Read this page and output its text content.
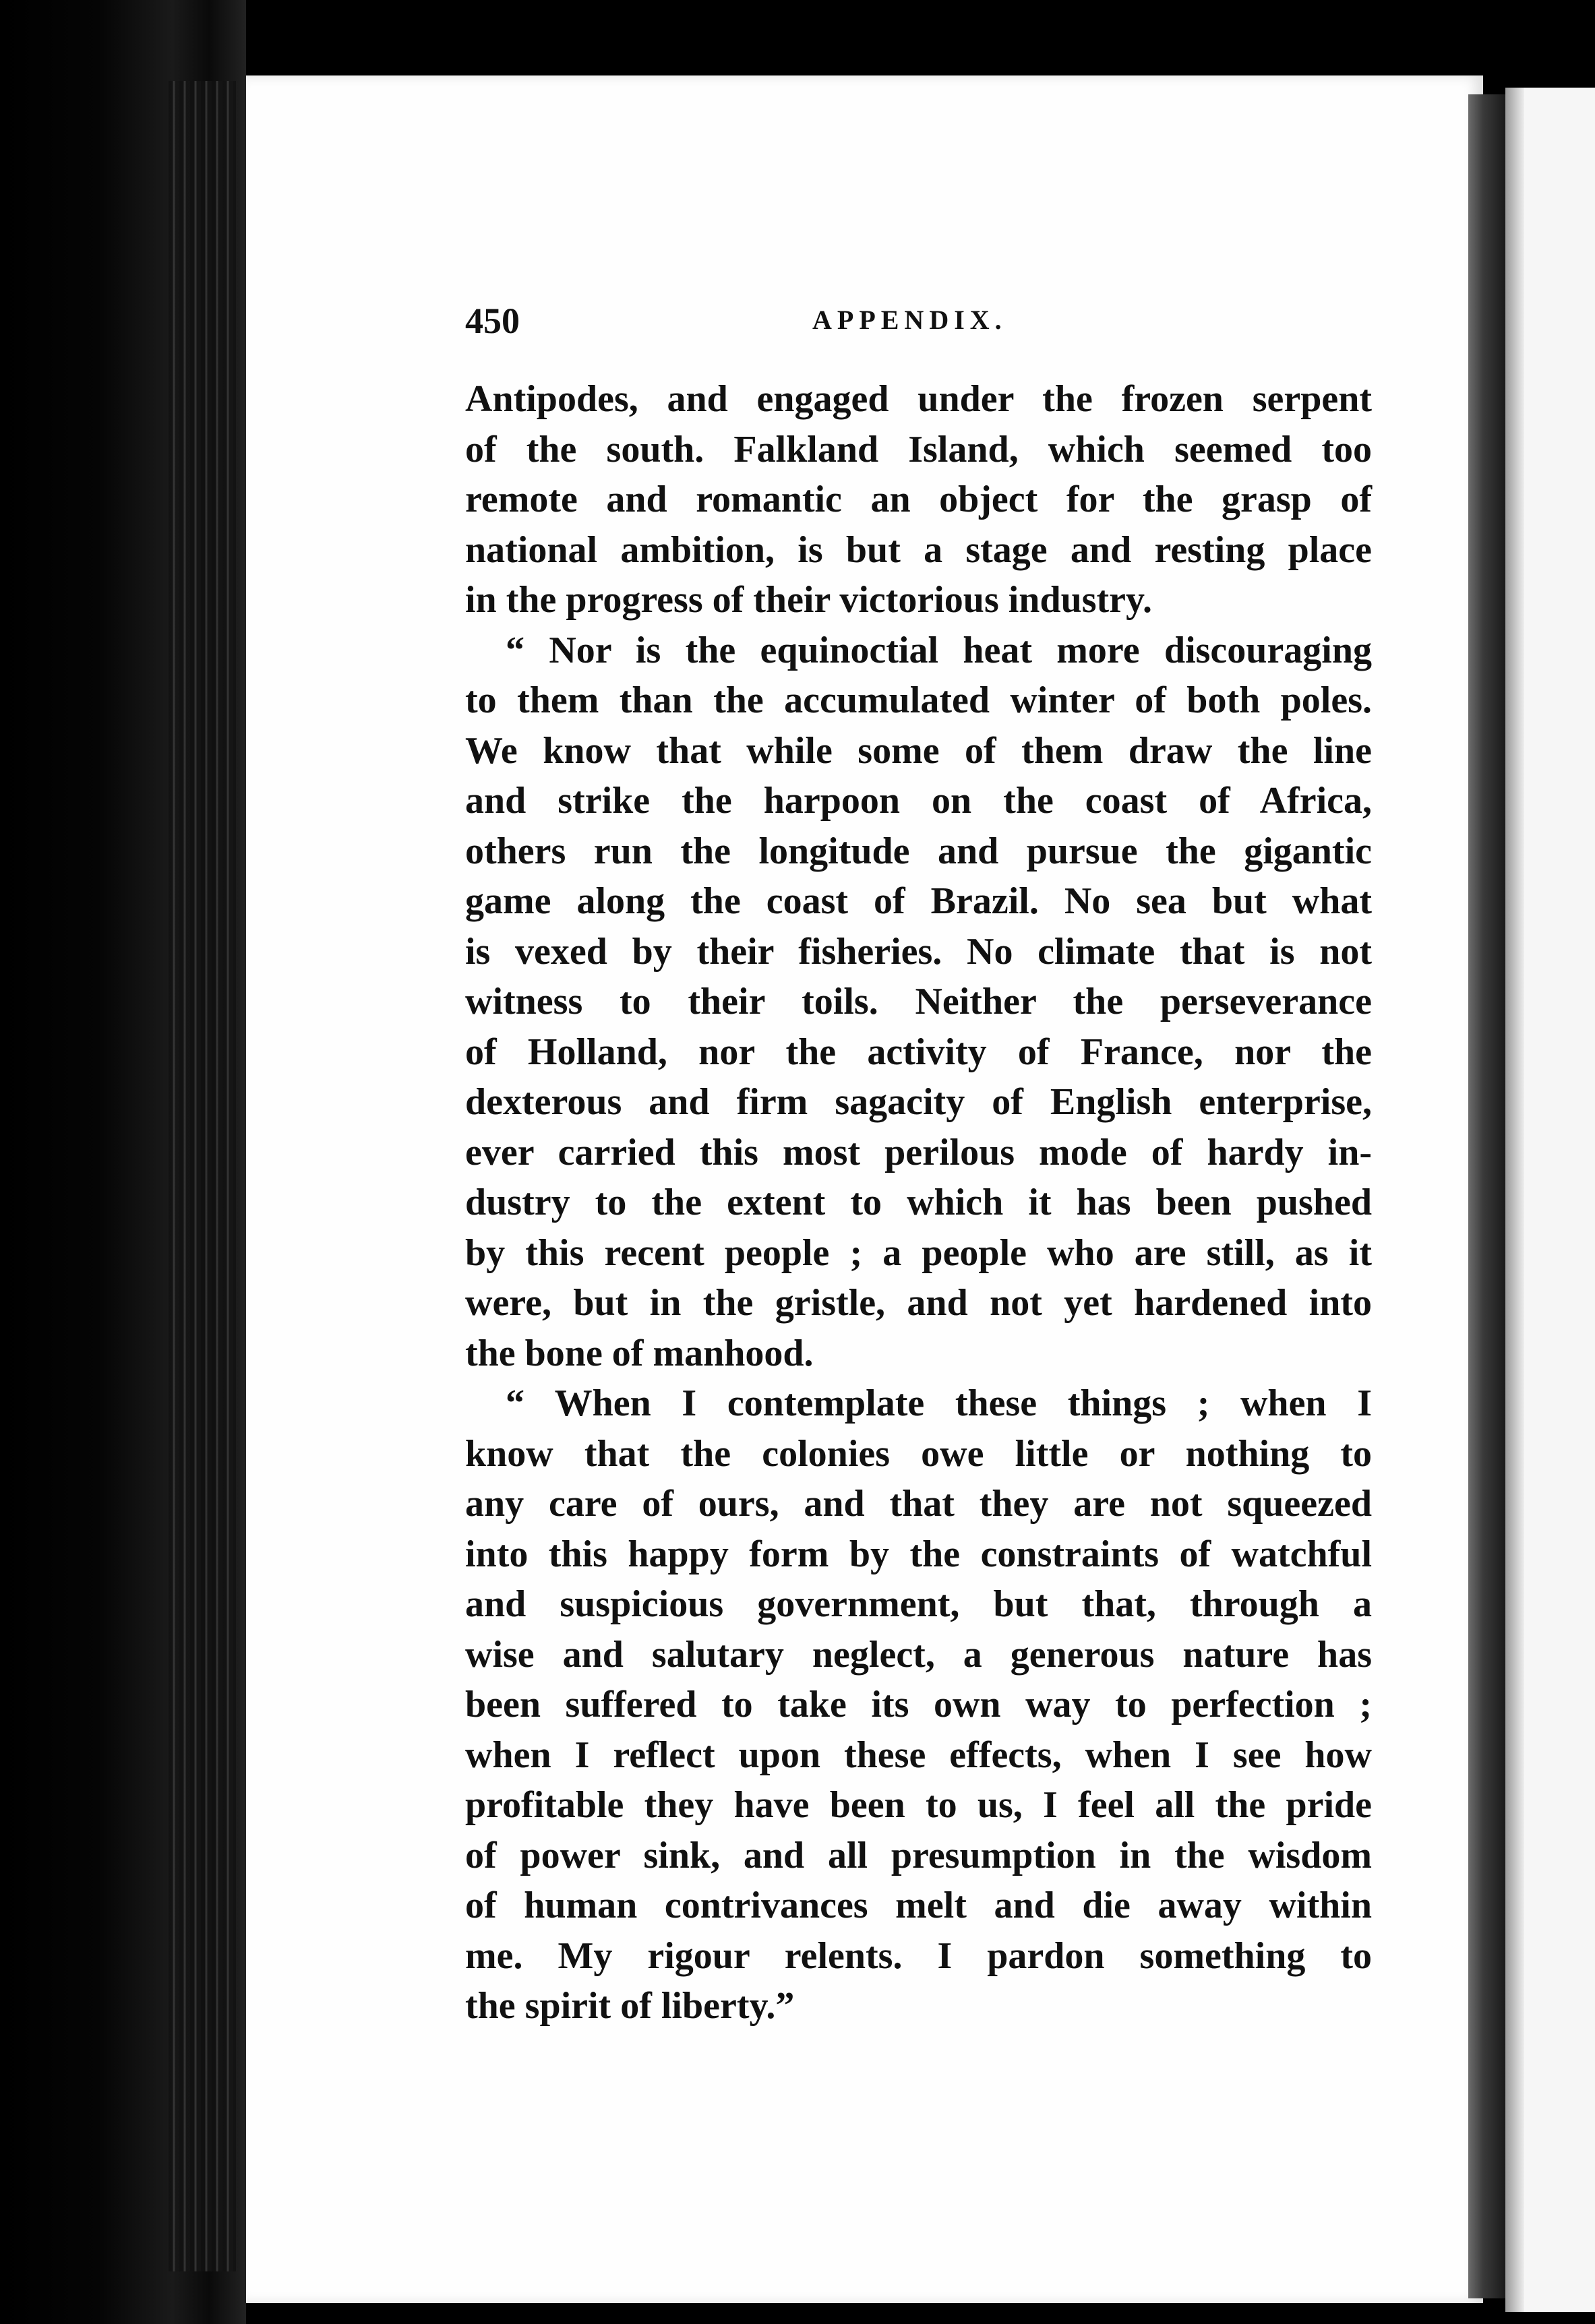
450	APPENDIX.
Antipodes, and engaged under the frozen serpent
of the south. Falkland Island, which seemed too
remote and romantic an object for the grasp of
national ambition, is but a stage and resting place
in the progress of their victorious industry.
“ Nor is the equinoctial heat more discouraging
to them than the accumulated winter of both poles.
We know that while some of them draw the line
and strike the harpoon on the coast of Africa,
others run the longitude and pursue the gigantic
game along the coast of Brazil. No sea but what
is vexed by their fisheries. No climate that is not
witness to their toils. Neither the perseverance
of Holland, nor the activity of France, nor the
dexterous and firm sagacity of English enterprise,
ever carried this most perilous mode of hardy in-
dustry to the extent to which it has been pushed
by this recent people ; a people who are still, as it
were, but in the gristle, and not yet hardened into
the bone of manhood.
“ When I contemplate these things ; when I
know that the colonies owe little or nothing to
any care of ours, and that they are not squeezed
into this happy form by the constraints of watchful
and suspicious government, but that, through a
wise and salutary neglect, a generous nature has
been suffered to take its own way to perfection ;
when I reflect upon these effects, when I see how
profitable they have been to us, I feel all the pride
of power sink, and all presumption in the wisdom
of human contrivances melt and die away within
me. My rigour relents. I pardon something to
the spirit of liberty.”
